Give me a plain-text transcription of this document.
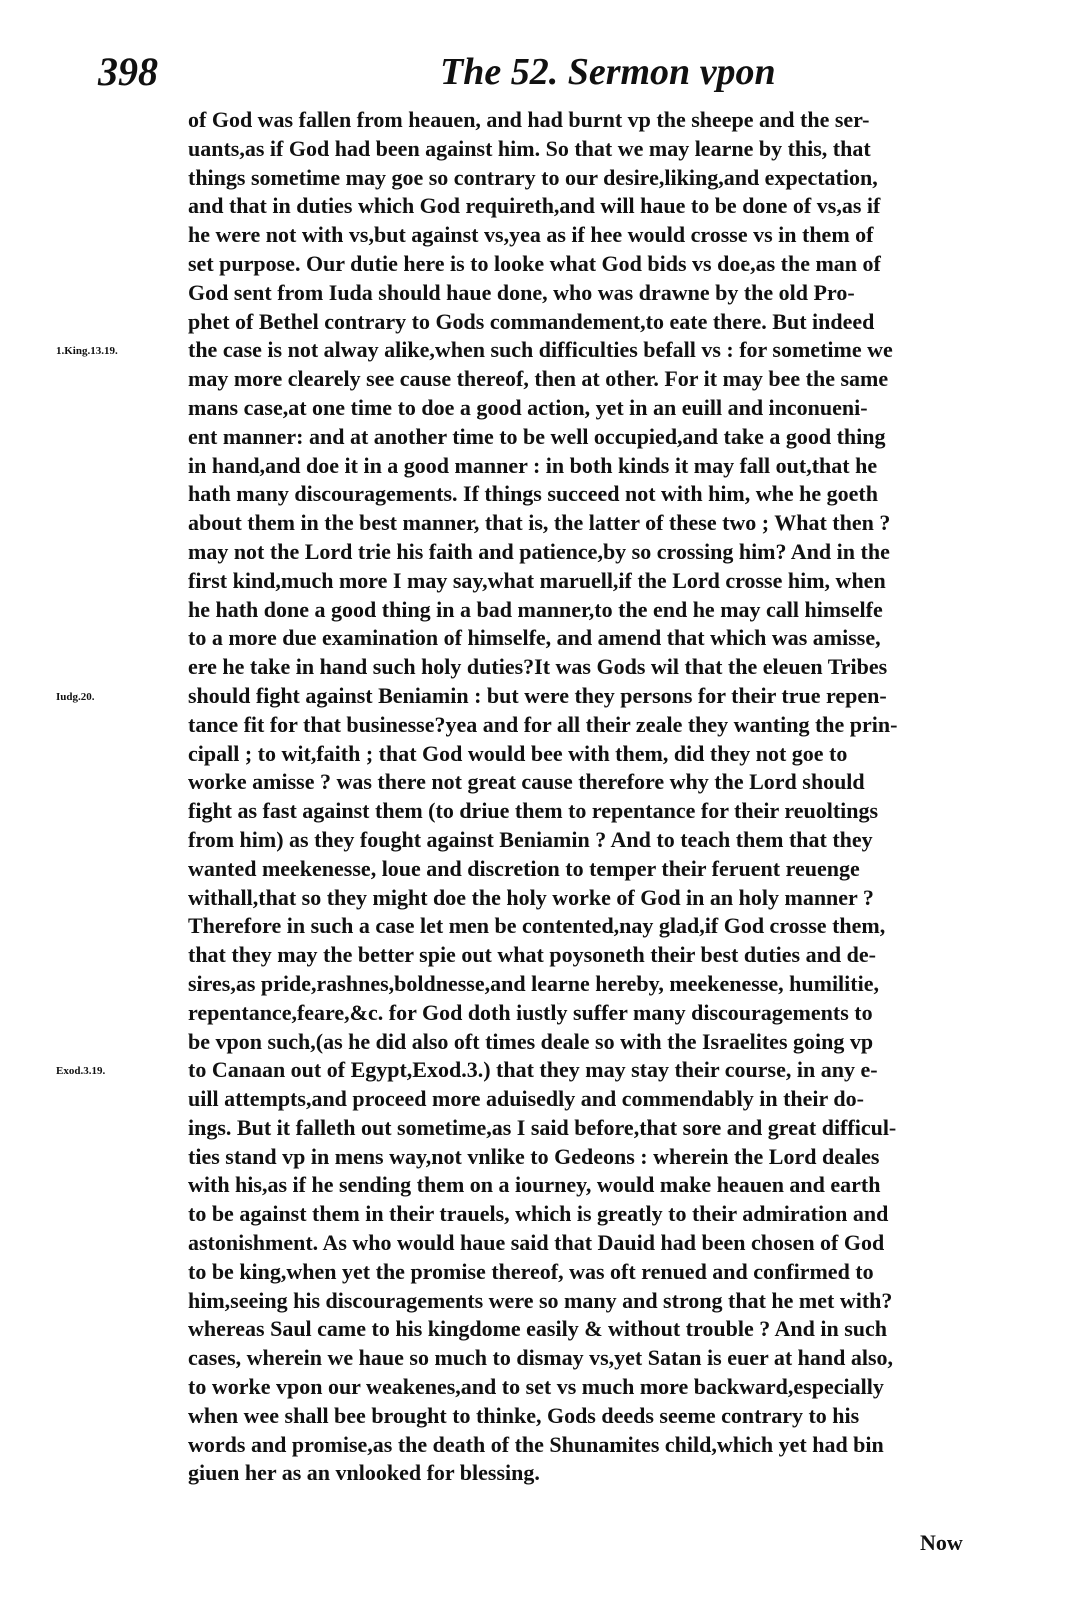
398	The 52. Sermon vpon
of God was fallen from heauen, and had burnt vp the sheepe and the ser-
uants,as if God had been against him. So that we may learne by this, that
things sometime may goe so contrary to our desire,liking,and expectation,
and that in duties which God requireth,and will haue to be done of vs,as if
he were not with vs,but against vs,yea as if hee would crosse vs in them of
set purpose. Our dutie here is to looke what God bids vs doe,as the man of
God sent from Iuda should haue done, who was drawne by the old Pro-
phet of Bethel contrary to Gods commandement,to eate there. But indeed
the case is not alway alike,when such difficulties befall vs : for sometime we
may more clearely see cause thereof, then at other. For it may bee the same
mans case,at one time to doe a good action, yet in an euill and inconueni-
ent manner: and at another time to be well occupied,and take a good thing
in hand,and doe it in a good manner : in both kinds it may fall out,that he
hath many discouragements. If things succeed not with him, whe he goeth
about them in the best manner, that is, the latter of these two ; What then ?
may not the Lord trie his faith and patience,by so crossing him? And in the
first kind,much more I may say,what maruell,if the Lord crosse him, when
he hath done a good thing in a bad manner,to the end he may call himselfe
to a more due examination of himselfe, and amend that which was amisse,
ere he take in hand such holy duties?It was Gods wil that the eleuen Tribes
should fight against Beniamin : but were they persons for their true repen-
tance fit for that businesse?yea and for all their zeale they wanting the prin-
cipall ; to wit,faith ; that God would bee with them, did they not goe to
worke amisse ? was there not great cause therefore why the Lord should
fight as fast against them (to driue them to repentance for their reuoltings
from him) as they fought against Beniamin ? And to teach them that they
wanted meekenesse, loue and discretion to temper their feruent reuenge
withall,that so they might doe the holy worke of God in an holy manner ?
Therefore in such a case let men be contented,nay glad,if God crosse them,
that they may the better spie out what poysoneth their best duties and de-
sires,as pride,rashnes,boldnesse,and learne hereby, meekenesse, humilitie,
repentance,feare,&c. for God doth iustly suffer many discouragements to
be vpon such,(as he did also oft times deale so with the Israelites going vp
to Canaan out of Egypt,Exod.3.) that they may stay their course, in any e-
uill attempts,and proceed more aduisedly and commendably in their do-
ings. But it falleth out sometime,as I said before,that sore and great difficul-
ties stand vp in mens way,not vnlike to Gedeons : wherein the Lord deales
with his,as if he sending them on a iourney, would make heauen and earth
to be against them in their trauels, which is greatly to their admiration and
astonishment. As who would haue said that Dauid had been chosen of God
to be king,when yet the promise thereof, was oft renued and confirmed to
him,seeing his discouragements were so many and strong that he met with?
whereas Saul came to his kingdome easily & without trouble ? And in such
cases, wherein we haue so much to dismay vs,yet Satan is euer at hand also,
to worke vpon our weakenes,and to set vs much more backward,especially
when wee shall bee brought to thinke, Gods deeds seeme contrary to his
words and promise,as the death of the Shunamites child,which yet had bin
giuen her as an vnlooked for blessing.
1.King.13.19.
Iudg.20.
Exod.3.19.
Now
